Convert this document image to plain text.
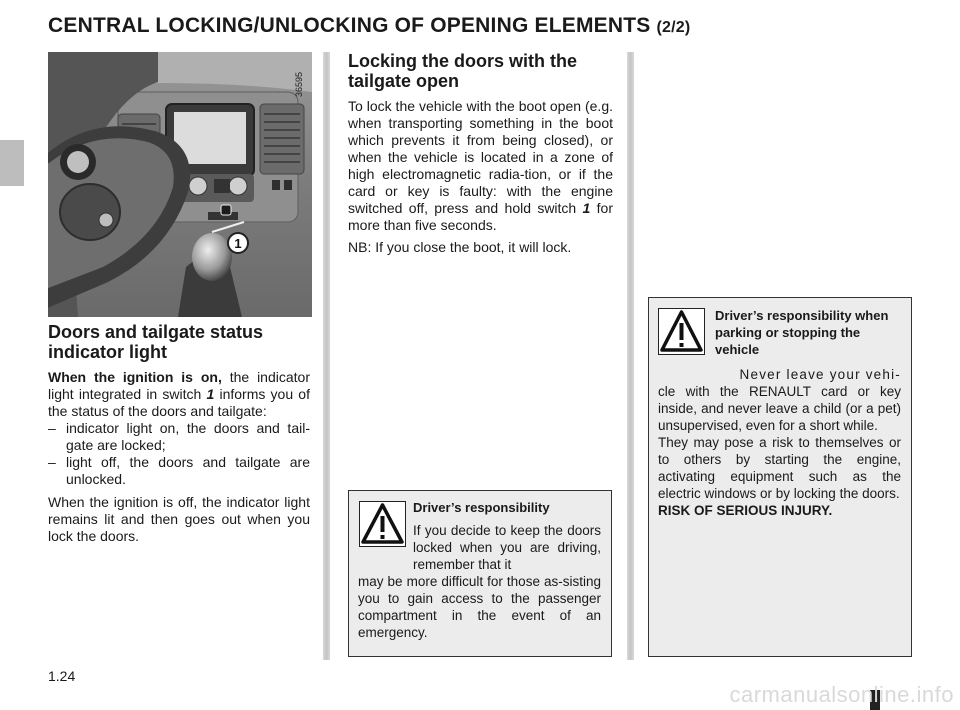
CENTRAL LOCKING/UNLOCKING OF OPENING ELEMENTS (2/2)
1
36595
Doors and tailgate status indicator light

When the ignition is on, the indicator light integrated in switch 1 informs you of the status of the doors and tailgate:

– indicator light on, the doors and tail-gate are locked;
– light off, the doors and tailgate are unlocked.

When the ignition is off, the indicator light remains lit and then goes out when you lock the doors.

Locking the doors with the tailgate open

To lock the vehicle with the boot open (e.g. when transporting something in the boot which prevents it from being closed), or when the vehicle is located in a zone of high electromagnetic radia-tion, or if the card or key is faulty: with the engine switched off, press and hold switch 1 for more than five seconds.

NB: If you close the boot, it will lock.

Driver’s responsibility

If you decide to keep the doors locked when you are driving, remember that it

may be more difficult for those as-sisting you to gain access to the passenger compartment in the event of an emergency.

Driver’s responsibility when parking or stopping the vehicle

Never leave your vehi-

cle with the RENAULT card or key inside, and never leave a child (or a pet) unsupervised, even for a short while.

They may pose a risk to themselves or to others by starting the engine, activating equipment such as the electric windows or by locking the doors.

RISK OF SERIOUS INJURY.

1.24
carmanualsonline.info
